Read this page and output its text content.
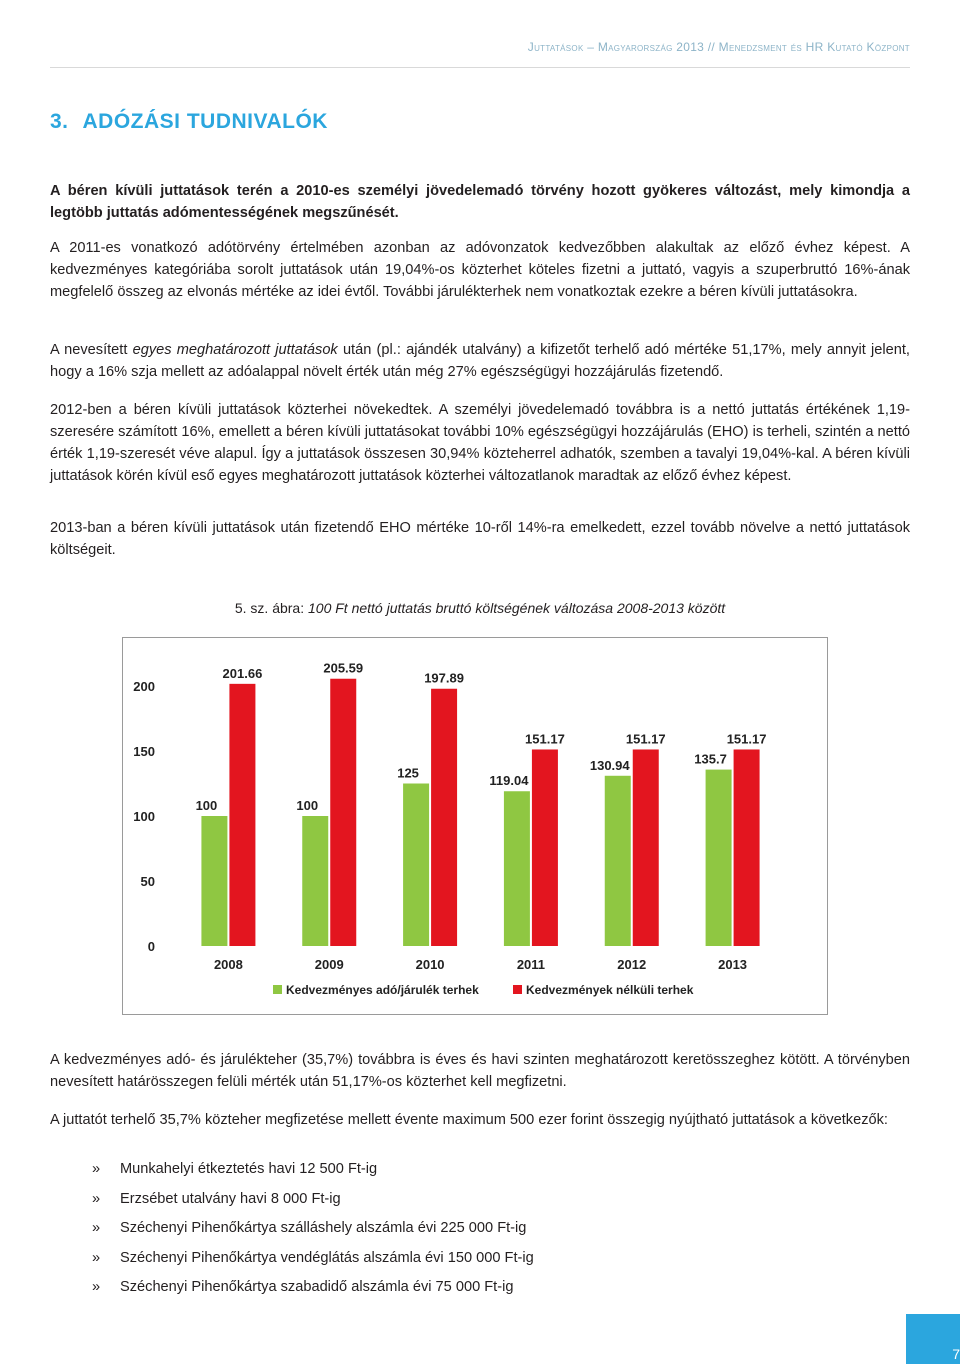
Juttatások – Magyarország 2013 // Menedzsment és HR Kutató Központ
3. ADÓZÁSI TUDNIVALÓK

A béren kívüli juttatások terén a 2010-es személyi jövedelemadó törvény hozott gyökeres változást, mely kimondja a legtöbb juttatás adómentességének megszűnését.

A 2011-es vonatkozó adótörvény értelmében azonban az adóvonzatok kedvezőbben alakultak az előző évhez képest. A kedvezményes kategóriába sorolt juttatások után 19,04%-os közterhet köteles fizetni a juttató, vagyis a szuperbruttó 16%-ának megfelelő összeg az elvonás mértéke az idei évtől. További járulékterhek nem vonatkoztak ezekre a béren kívüli juttatásokra.

A nevesített egyes meghatározott juttatások után (pl.: ajándék utalvány) a kifizetőt terhelő adó mértéke 51,17%, mely annyit jelent, hogy a 16% szja mellett az adóalappal növelt érték után még 27% egészségügyi hozzájárulás fizetendő.

2012-ben a béren kívüli juttatások közterhei növekedtek. A személyi jövedelemadó továbbra is a nettó juttatás értékének 1,19-szeresére számított 16%, emellett a béren kívüli juttatásokat további 10% egészségügyi hozzájárulás (EHO) is terheli, szintén a nettó érték 1,19-szeresét véve alapul. Így a juttatások összesen 30,94% közteherrel adhatók, szemben a tavalyi 19,04%-kal. A béren kívüli juttatások körén kívül eső egyes meghatározott juttatások közterhei változatlanok maradtak az előző évhez képest.

2013-ban a béren kívüli juttatások után fizetendő EHO mértéke 10-ről 14%-ra emelkedett, ezzel tovább növelve a nettó juttatások költségeit.

5. sz. ábra: 100 Ft nettó juttatás bruttó költségének változása 2008-2013 között

0
50
100
150
200
100
201.66
2008
100
205.59
2009
125
197.89
2010
119.04
151.17
2011
130.94
151.17
2012
135.7
151.17
2013
Kedvezményes adó/járulék terhek	Kedvezmények nélküli terhek

A kedvezményes adó- és járulékteher (35,7%) továbbra is éves és havi szinten meghatározott keretösszeghez kötött. A törvényben nevesített határösszegen felüli mérték után 51,17%-os közterhet kell megfizetni.

A juttatót terhelő 35,7% közteher megfizetése mellett évente maximum 500 ezer forint összegig nyújtható juttatások a következők:

» Munkahelyi étkeztetés havi 12 500 Ft-ig
» Erzsébet utalvány havi 8 000 Ft-ig
» Széchenyi Pihenőkártya szálláshely alszámla évi 225 000 Ft-ig
» Széchenyi Pihenőkártya vendéglátás alszámla évi 150 000 Ft-ig
» Széchenyi Pihenőkártya szabadidő alszámla évi 75 000 Ft-ig
7
